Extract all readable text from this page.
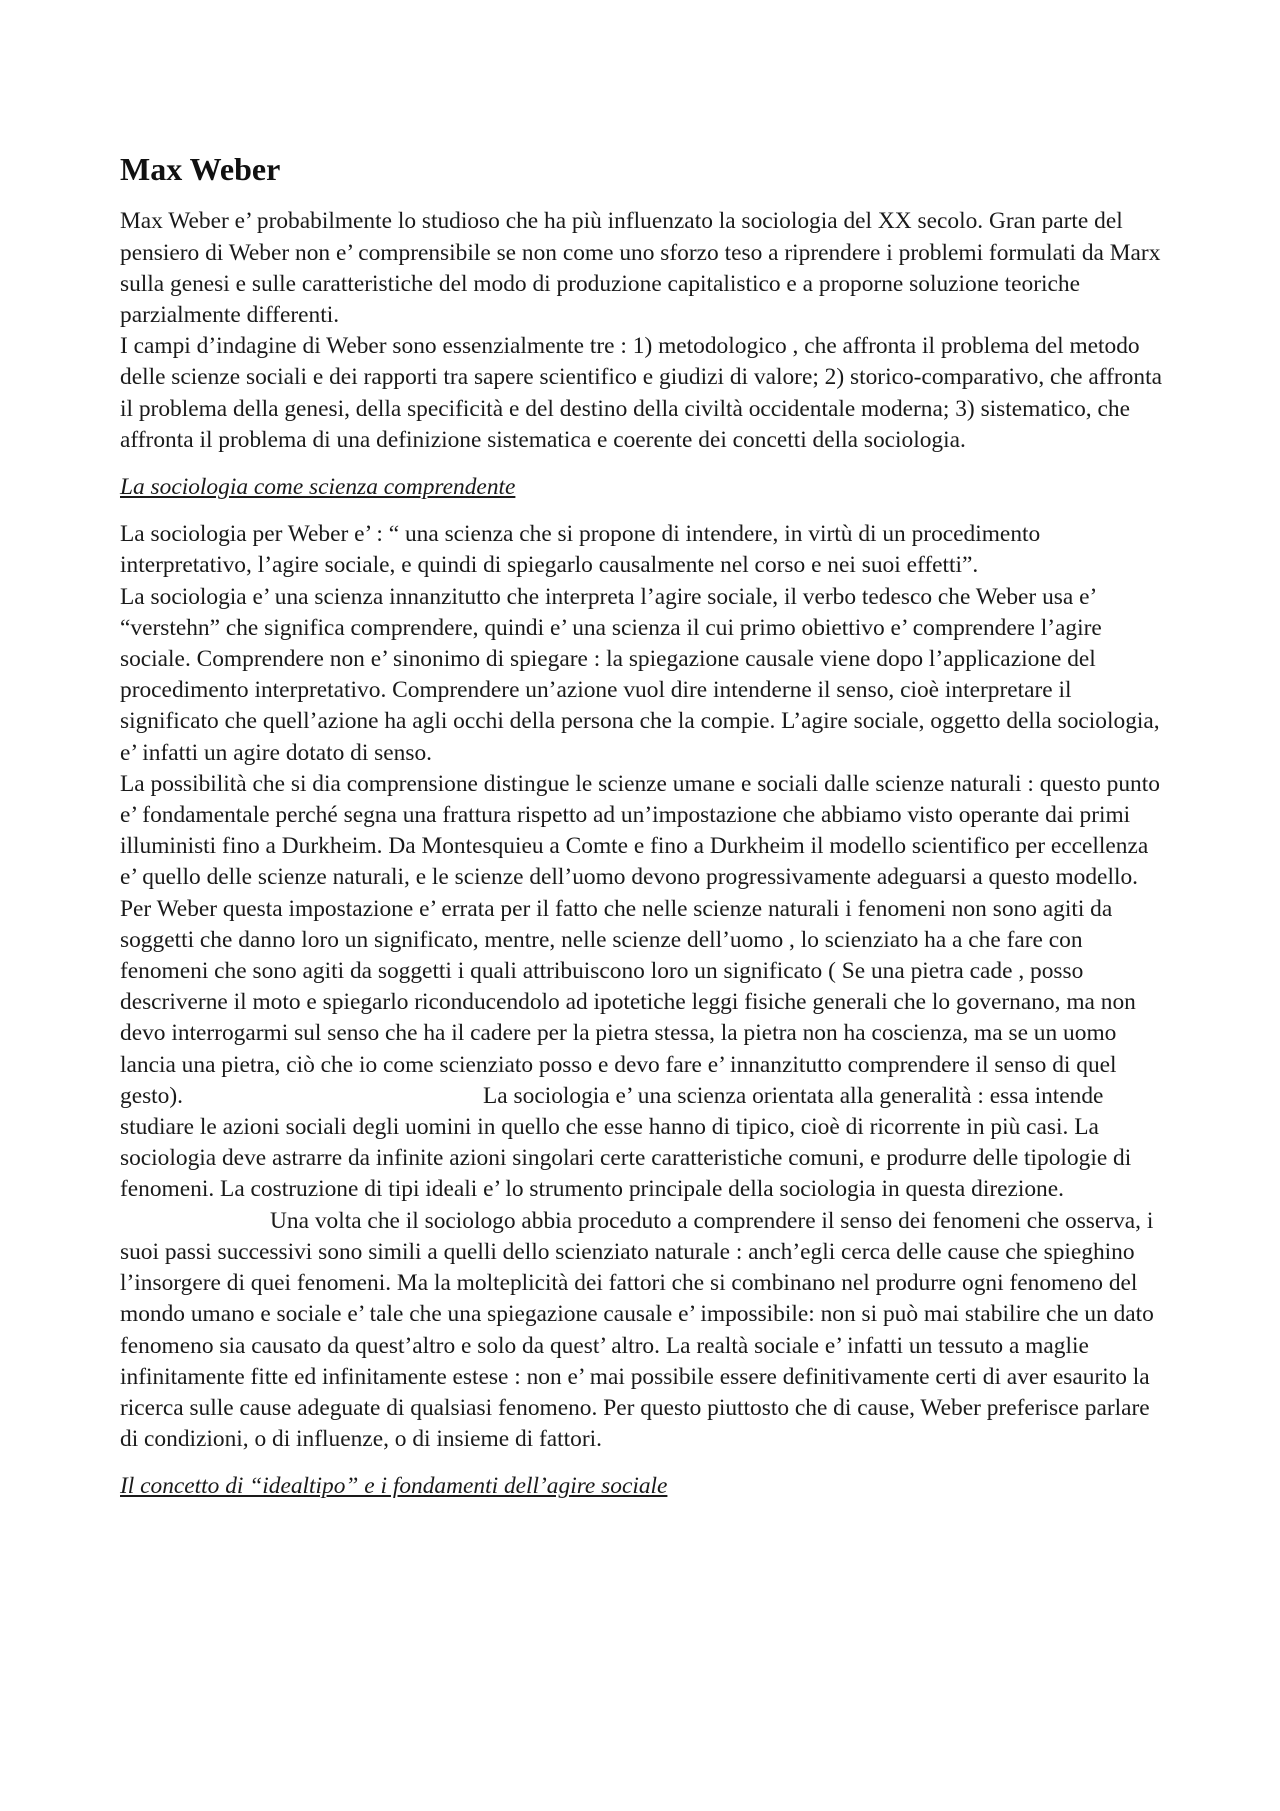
Max Weber

Max Weber e’ probabilmente lo studioso che ha più influenzato la sociologia del XX secolo. Gran parte del pensiero di Weber non e’ comprensibile se non come uno sforzo teso a riprendere i problemi formulati da Marx sulla genesi e sulle caratteristiche del modo di produzione capitalistico e a proporne soluzione teoriche parzialmente differenti.

I campi d’indagine di Weber sono essenzialmente tre : 1) metodologico , che affronta il problema del metodo delle scienze sociali e dei rapporti tra sapere scientifico e giudizi di valore; 2) storico-comparativo, che affronta il problema della genesi, della specificità e del destino della civiltà occidentale moderna; 3) sistematico, che affronta il problema di una definizione sistematica e coerente dei concetti della sociologia.

La sociologia come scienza comprendente

La sociologia per Weber e’ : “ una scienza che si propone di intendere, in virtù di un procedimento interpretativo, l’agire sociale, e quindi di spiegarlo causalmente nel corso e nei suoi effetti”.

La sociologia e’ una scienza innanzitutto che interpreta l’agire sociale, il verbo tedesco che Weber usa e’ “verstehn” che significa comprendere, quindi e’ una scienza il cui primo obiettivo e’ comprendere l’agire sociale. Comprendere non e’ sinonimo di spiegare : la spiegazione causale viene dopo l’applicazione del procedimento interpretativo. Comprendere un’azione vuol dire intenderne il senso, cioè interpretare il significato che quell’azione ha agli occhi della persona che la compie. L’agire sociale, oggetto della sociologia, e’ infatti un agire dotato di senso.

La possibilità che si dia comprensione distingue le scienze umane e sociali dalle scienze naturali : questo punto e’ fondamentale perché segna una frattura rispetto ad un’impostazione che abbiamo visto operante dai primi illuministi fino a Durkheim. Da Montesquieu a Comte e fino a Durkheim il modello scientifico per eccellenza e’ quello delle scienze naturali, e le scienze dell’uomo devono progressivamente adeguarsi a questo modello. Per Weber questa impostazione e’ errata per il fatto che nelle scienze naturali i fenomeni non sono agiti da soggetti che danno loro un significato, mentre, nelle scienze dell’uomo , lo scienziato ha a che fare con fenomeni che sono agiti da soggetti i quali attribuiscono loro un significato ( Se una pietra cade , posso descriverne il moto e spiegarlo riconducendolo ad ipotetiche leggi fisiche generali che lo governano, ma non devo interrogarmi sul senso che ha il cadere per la pietra stessa, la pietra non ha coscienza, ma se un uomo lancia una pietra, ciò che io come scienziato posso e devo fare e’ innanzitutto comprendere il senso di quel gesto).	La sociologia e’ una scienza orientata alla generalità : essa intende studiare le azioni sociali degli uomini in quello che esse hanno di tipico, cioè di ricorrente in più casi. La sociologia deve astrarre da infinite azioni singolari certe caratteristiche comuni, e produrre delle tipologie di fenomeni. La costruzione di tipi ideali e’ lo strumento principale della sociologia in questa direzione.Una volta che il sociologo abbia proceduto a comprendere il senso dei fenomeni che osserva, i suoi passi successivi sono simili a quelli dello scienziato naturale : anch’egli cerca delle cause che spieghino l’insorgere di quei fenomeni. Ma la molteplicità dei fattori che si combinano nel produrre ogni fenomeno del mondo umano e sociale e’ tale che una spiegazione causale e’ impossibile: non si può mai stabilire che un dato fenomeno sia causato da quest’altro e solo da quest’ altro. La realtà sociale e’ infatti un tessuto a maglie infinitamente fitte ed infinitamente estese : non e’ mai possibile essere definitivamente certi di aver esaurito la ricerca sulle cause adeguate di qualsiasi fenomeno. Per questo piuttosto che di cause, Weber preferisce parlare di condizioni, o di influenze, o di insieme di fattori.

Il concetto di “idealtipo” e i fondamenti dell’agire sociale
